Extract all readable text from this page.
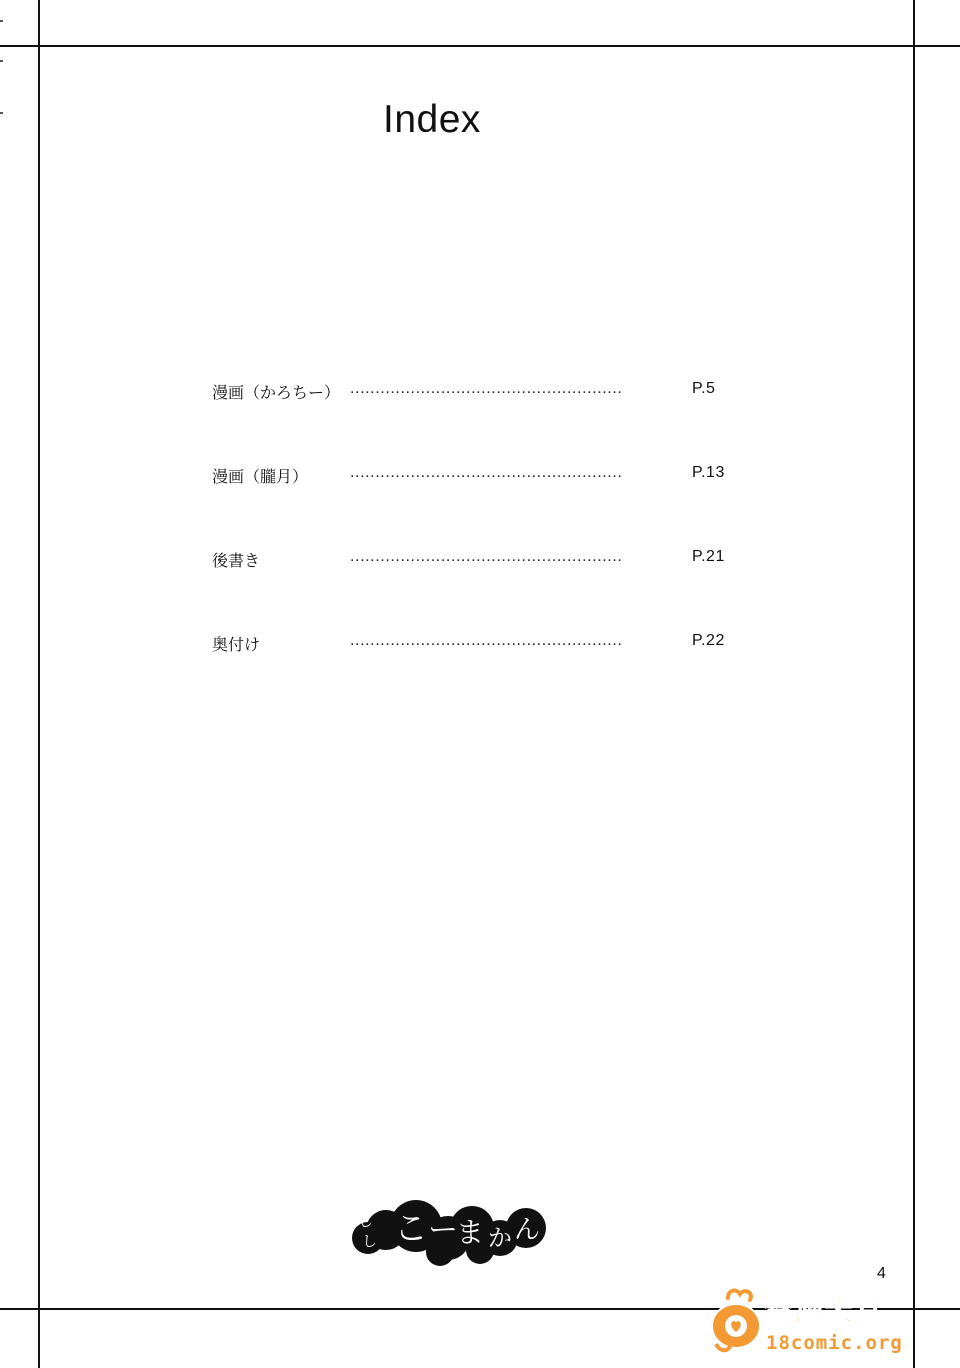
Index
漫画（かろちー） ......................................................	P.5
漫画（朧月）	......................................................	P.13
後書き	......................................................	P.21
奥付け	......................................................	P.22
し
し こ ー
ま か ん
4
禁漫天堂
18comic.org
